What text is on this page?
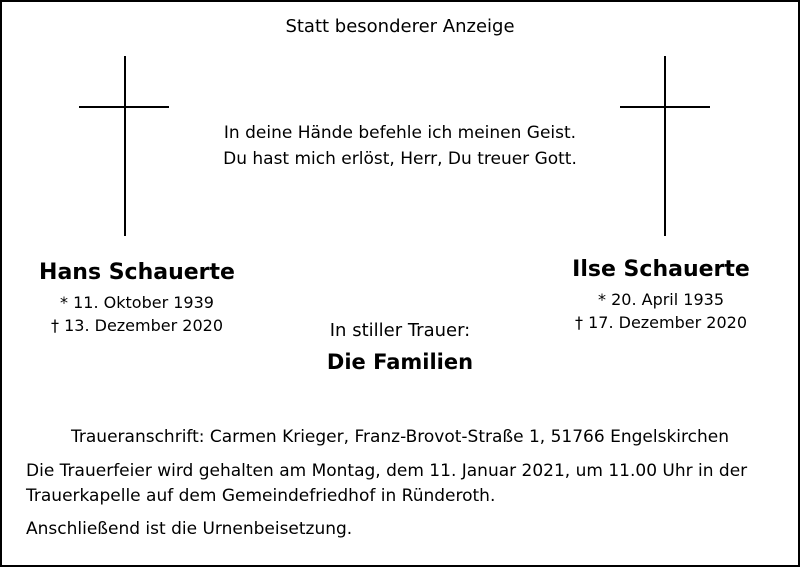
Statt besonderer Anzeige
In deine Hände befehle ich meinen Geist.
Du hast mich erlöst, Herr, Du treuer Gott.
Hans Schauerte
* 11. Oktober 1939
† 13. Dezember 2020
Ilse Schauerte
* 20. April 1935
† 17. Dezember 2020
In stiller Trauer:
Die Familien
Traueranschrift: Carmen Krieger, Franz-Brovot-Straße 1, 51766 Engelskirchen
Die Trauerfeier wird gehalten am Montag, dem 11. Januar 2021, um 11.00 Uhr in der
Trauerkapelle auf dem Gemeindefriedhof in Ründeroth.
Anschließend ist die Urnenbeisetzung.
